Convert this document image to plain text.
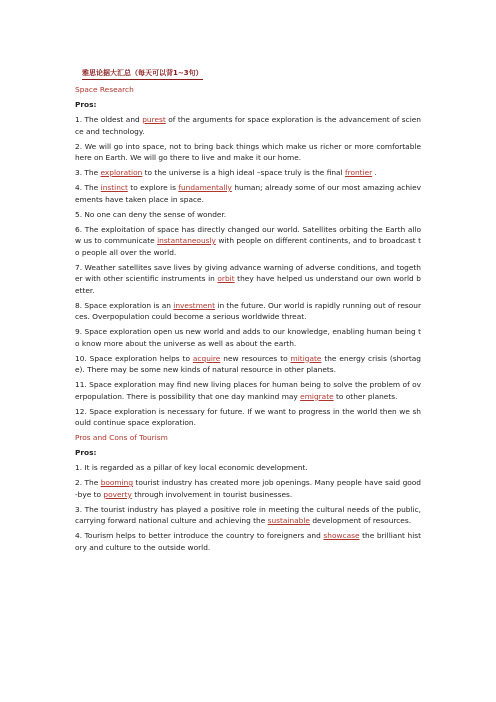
雅思论据大汇总（每天可以背1~3句）
Space Research
Pros:
1. The oldest and purest of the arguments for space exploration is the advancement of science and technology.
2. We will go into space, not to bring back things which make us richer or more comfortable here on Earth. We will go there to live and make it our home.
3. The exploration to the universe is a high ideal –space truly is the final frontier .
4. The instinct to explore is fundamentally human; already some of our most amazing achievements have taken place in space.
5. No one can deny the sense of wonder.
6. The exploitation of space has directly changed our world. Satellites orbiting the Earth allow us to communicate instantaneously with people on different continents, and to broadcast to people all over the world.
7. Weather satellites save lives by giving advance warning of adverse conditions, and together with other scientific instruments in orbit they have helped us understand our own world better.
8. Space exploration is an investment in the future. Our world is rapidly running out of resources. Overpopulation could become a serious worldwide threat.
9. Space exploration open us new world and adds to our knowledge, enabling human being to know more about the universe as well as about the earth.
10. Space exploration helps to acquire new resources to mitigate the energy crisis (shortage). There may be some new kinds of natural resource in other planets.
11. Space exploration may find new living places for human being to solve the problem of overpopulation. There is possibility that one day mankind may emigrate to other planets.
12. Space exploration is necessary for future. If we want to progress in the world then we should continue space exploration.
Pros and Cons of Tourism
Pros:
1. It is regarded as a pillar of key local economic development.
2. The booming tourist industry has created more job openings. Many people have said good-bye to poverty through involvement in tourist businesses.
3. The tourist industry has played a positive role in meeting the cultural needs of the public, carrying forward national culture and achieving the sustainable development of resources.
4. Tourism helps to better introduce the country to foreigners and showcase the brilliant history and culture to the outside world.
